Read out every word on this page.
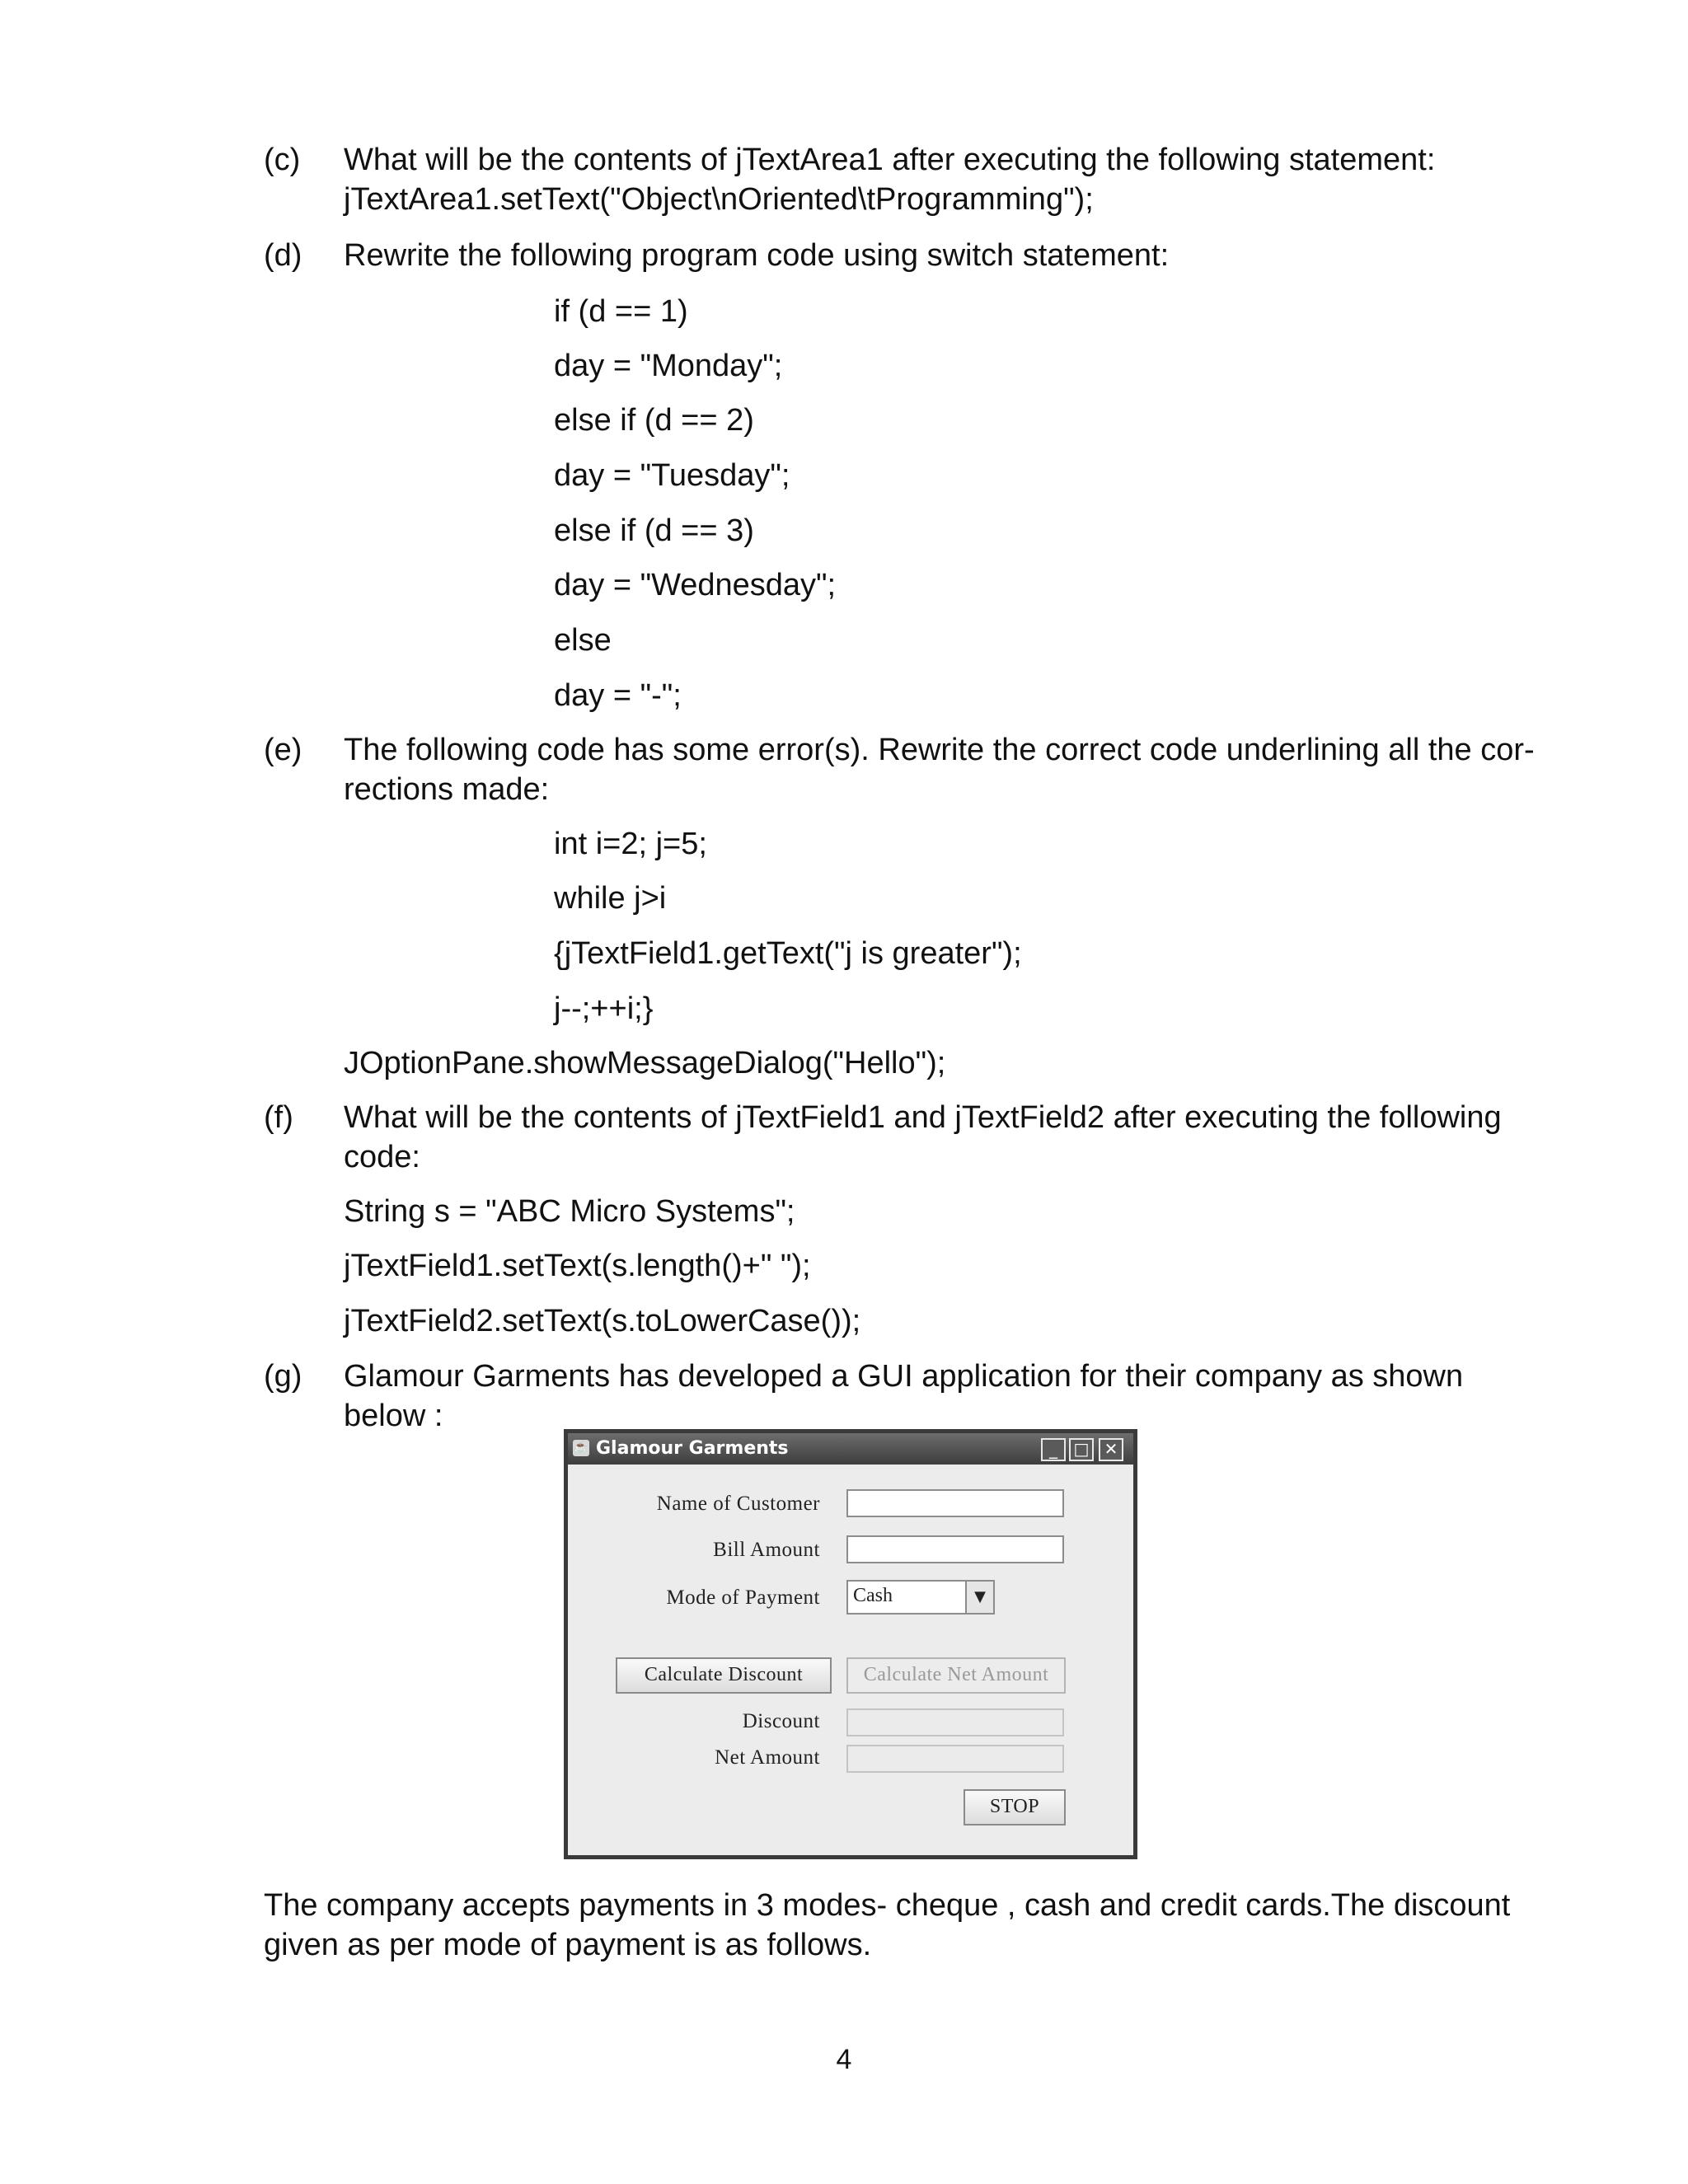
(c)	What will be the contents of jTextArea1 after executing the following statement:
jTextArea1.setText("Object\nOriented\tProgramming");
(d)	Rewrite the following program code using switch statement:
if (d == 1)
day = "Monday";
else if (d == 2)
day = "Tuesday";
else if (d == 3)
day = "Wednesday";
else
day = "-";
(e)	The following code has some error(s). Rewrite the correct code underlining all the cor-
rections made:
int i=2; j=5;
while j>i
{jTextField1.getText("j is greater");
j--;++i;}
JOptionPane.showMessageDialog("Hello");
(f)	What will be the contents of jTextField1 and jTextField2 after executing the following
code:
String s = "ABC Micro Systems";
jTextField1.setText(s.length()+" ");
jTextField2.setText(s.toLowerCase());
(g)	Glamour Garments has developed a GUI application for their company as shown
below :
☕ Glamour Garments	_ □ ✕
Name of Customer
Bill Amount
Mode of Payment Cash	▼
Calculate Discount	Calculate Net Amount
Discount
Net Amount
STOP
The company accepts payments in 3 modes- cheque , cash and credit cards.The discount
given as per mode of payment is as follows.
4
